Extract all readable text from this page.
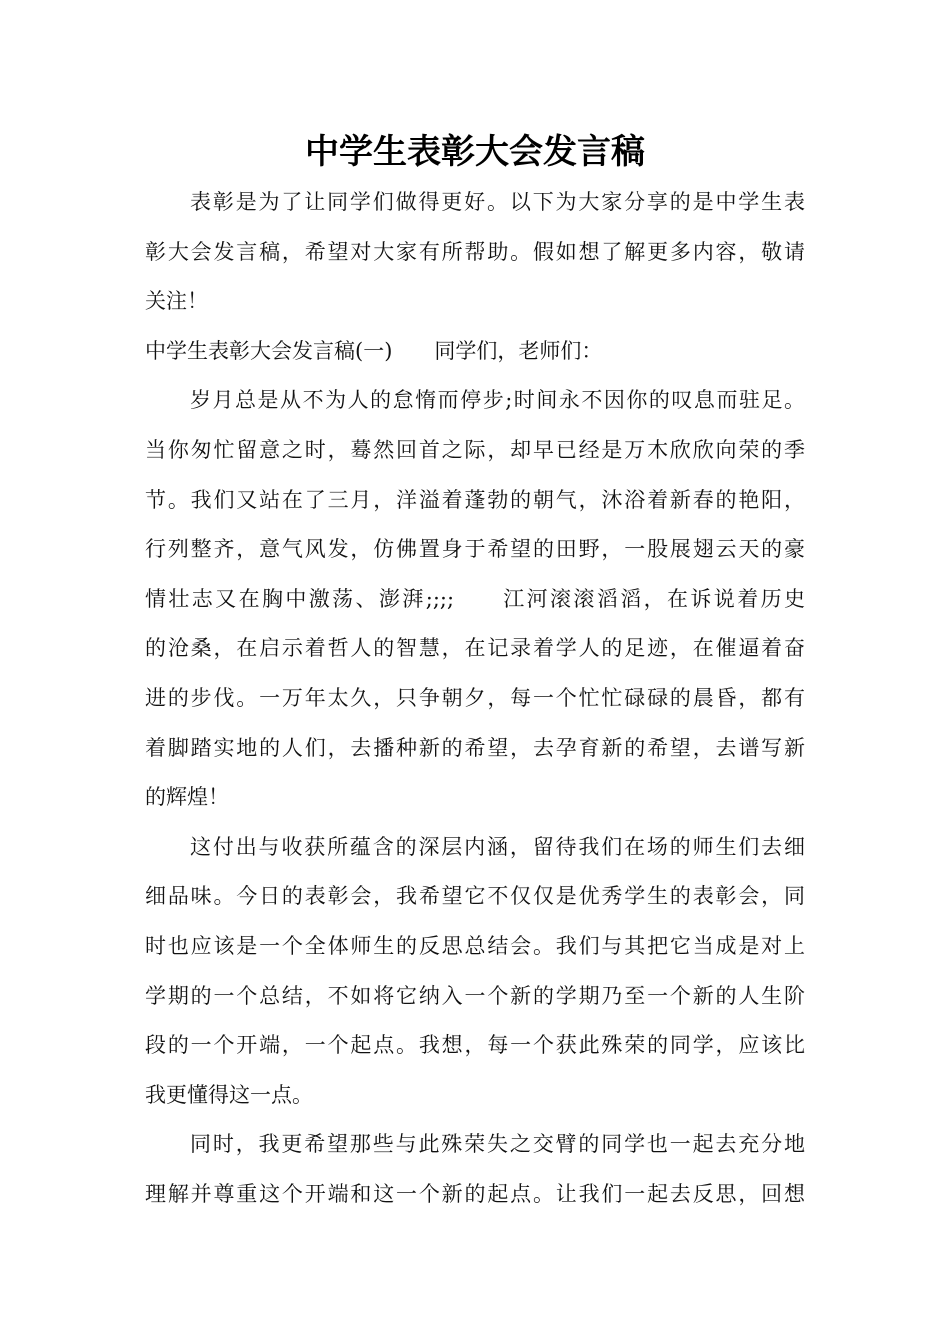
中学生表彰大会发言稿
表彰是为了让同学们做得更好。以下为大家分享的是中学生表
彰大会发言稿，希望对大家有所帮助。假如想了解更多内容，敬请
关注！
中学生表彰大会发言稿(一)　　同学们，老师们：
岁月总是从不为人的怠惰而停步;时间永不因你的叹息而驻足。
当你匆忙留意之时，蓦然回首之际，却早已经是万木欣欣向荣的季
节。我们又站在了三月，洋溢着蓬勃的朝气，沐浴着新春的艳阳，
行列整齐，意气风发，仿佛置身于希望的田野，一股展翅云天的豪
情壮志又在胸中激荡、澎湃;;;;　　江河滚滚滔滔，在诉说着历史
的沧桑，在启示着哲人的智慧，在记录着学人的足迹，在催逼着奋
进的步伐。一万年太久，只争朝夕，每一个忙忙碌碌的晨昏，都有
着脚踏实地的人们，去播种新的希望，去孕育新的希望，去谱写新
的辉煌！
这付出与收获所蕴含的深层内涵，留待我们在场的师生们去细
细品味。今日的表彰会，我希望它不仅仅是优秀学生的表彰会，同
时也应该是一个全体师生的反思总结会。我们与其把它当成是对上
学期的一个总结，不如将它纳入一个新的学期乃至一个新的人生阶
段的一个开端，一个起点。我想，每一个获此殊荣的同学，应该比
我更懂得这一点。
同时，我更希望那些与此殊荣失之交臂的同学也一起去充分地
理解并尊重这个开端和这一个新的起点。让我们一起去反思，回想
